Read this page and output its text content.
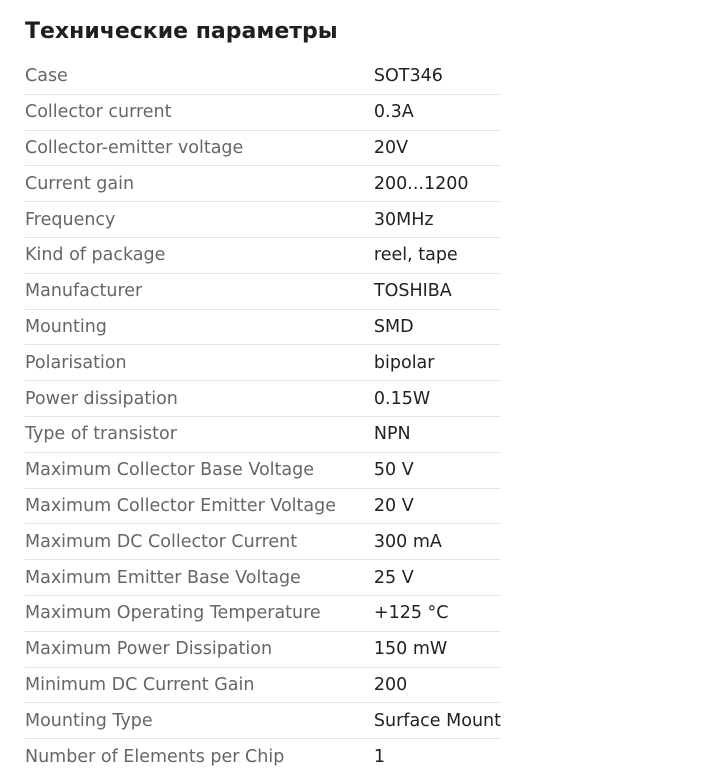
Технические параметры
Case	SOT346
Collector current	0.3A
Collector-emitter voltage	20V
Current gain	200...1200
Frequency	30MHz
Kind of package	reel, tape
Manufacturer	TOSHIBA
Mounting	SMD
Polarisation	bipolar
Power dissipation	0.15W
Type of transistor	NPN
Maximum Collector Base Voltage	50 V
Maximum Collector Emitter Voltage	20 V
Maximum DC Collector Current	300 mA
Maximum Emitter Base Voltage	25 V
Maximum Operating Temperature	+125 °C
Maximum Power Dissipation	150 mW
Minimum DC Current Gain	200
Mounting Type	Surface Mount
Number of Elements per Chip	1
